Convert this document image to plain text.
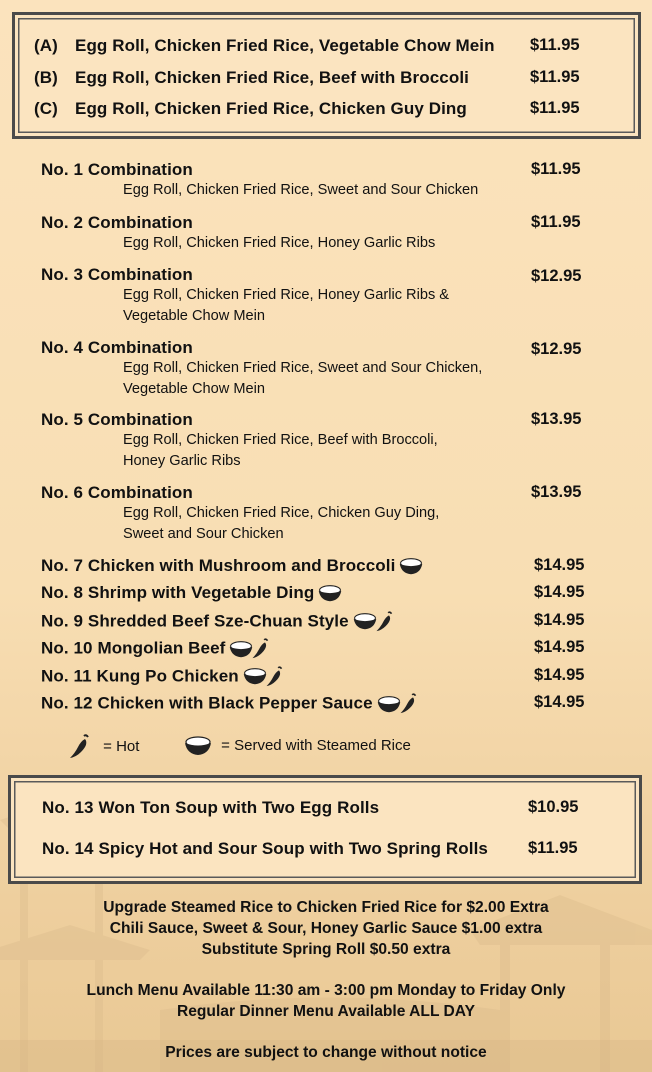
(A) Egg Roll, Chicken Fried Rice, Vegetable Chow Mein $11.95
(B) Egg Roll, Chicken Fried Rice, Beef with Broccoli	$11.95
(C) Egg Roll, Chicken Fried Rice, Chicken Guy Ding	$11.95
No. 1 Combination	$11.95
Egg Roll, Chicken Fried Rice, Sweet and Sour Chicken
No. 2 Combination	$11.95
Egg Roll, Chicken Fried Rice, Honey Garlic Ribs
No. 3 Combination	$12.95
Egg Roll, Chicken Fried Rice, Honey Garlic Ribs &
Vegetable Chow Mein
No. 4 Combination	$12.95
Egg Roll, Chicken Fried Rice, Sweet and Sour Chicken,
Vegetable Chow Mein
No. 5 Combination	$13.95
Egg Roll, Chicken Fried Rice, Beef with Broccoli,
Honey Garlic Ribs
No. 6 Combination	$13.95
Egg Roll, Chicken Fried Rice, Chicken Guy Ding,
Sweet and Sour Chicken
No. 7 Chicken with Mushroom and Broccoli	$14.95
No. 8 Shrimp with Vegetable Ding	$14.95
No. 9 Shredded Beef Sze-Chuan Style	$14.95
No. 10 Mongolian Beef	$14.95
No. 11 Kung Po Chicken	$14.95
No. 12 Chicken with Black Pepper Sauce	$14.95
= Hot	= Served with Steamed Rice
No. 13 Won Ton Soup with Two Egg Rolls	$10.95
No. 14 Spicy Hot and Sour Soup with Two Spring Rolls $11.95
Upgrade Steamed Rice to Chicken Fried Rice for $2.00 Extra
Chili Sauce, Sweet & Sour, Honey Garlic Sauce $1.00 extra
Substitute Spring Roll $0.50 extra
Lunch Menu Available 11:30 am - 3:00 pm Monday to Friday Only
Regular Dinner Menu Available ALL DAY
Prices are subject to change without notice
